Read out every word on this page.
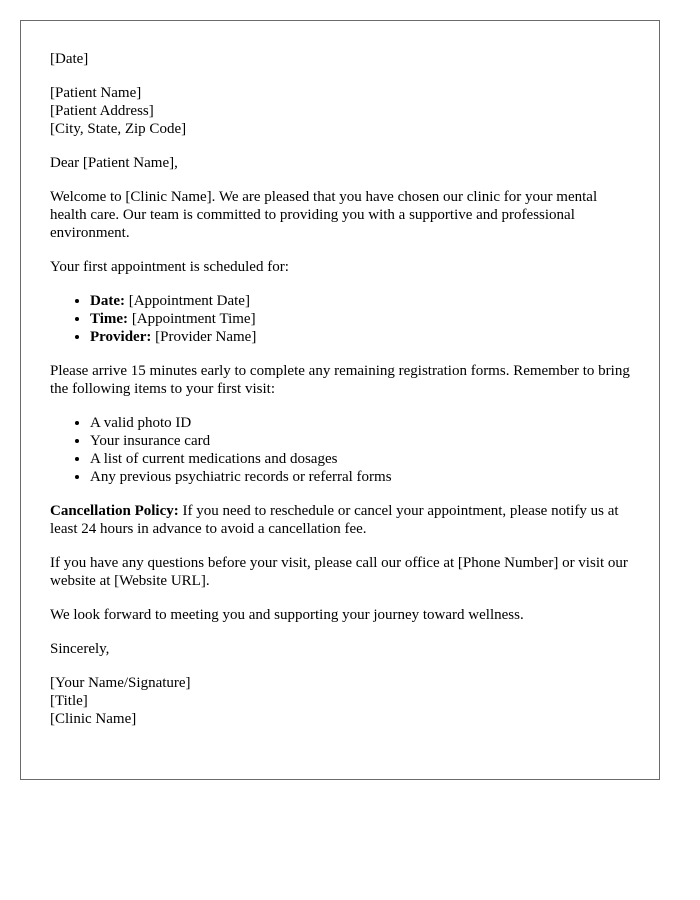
[Date]

[Patient Name]
[Patient Address]
[City, State, Zip Code]

Dear [Patient Name],

Welcome to [Clinic Name]. We are pleased that you have chosen our clinic for your mental health care. Our team is committed to providing you with a supportive and professional environment.

Your first appointment is scheduled for:

• Date: [Appointment Date]
• Time: [Appointment Time]
• Provider: [Provider Name]

Please arrive 15 minutes early to complete any remaining registration forms. Remember to bring the following items to your first visit:

• A valid photo ID
• Your insurance card
• A list of current medications and dosages
• Any previous psychiatric records or referral forms

Cancellation Policy: If you need to reschedule or cancel your appointment, please notify us at least 24 hours in advance to avoid a cancellation fee.

If you have any questions before your visit, please call our office at [Phone Number] or visit our website at [Website URL].

We look forward to meeting you and supporting your journey toward wellness.

Sincerely,

[Your Name/Signature]
[Title]
[Clinic Name]
